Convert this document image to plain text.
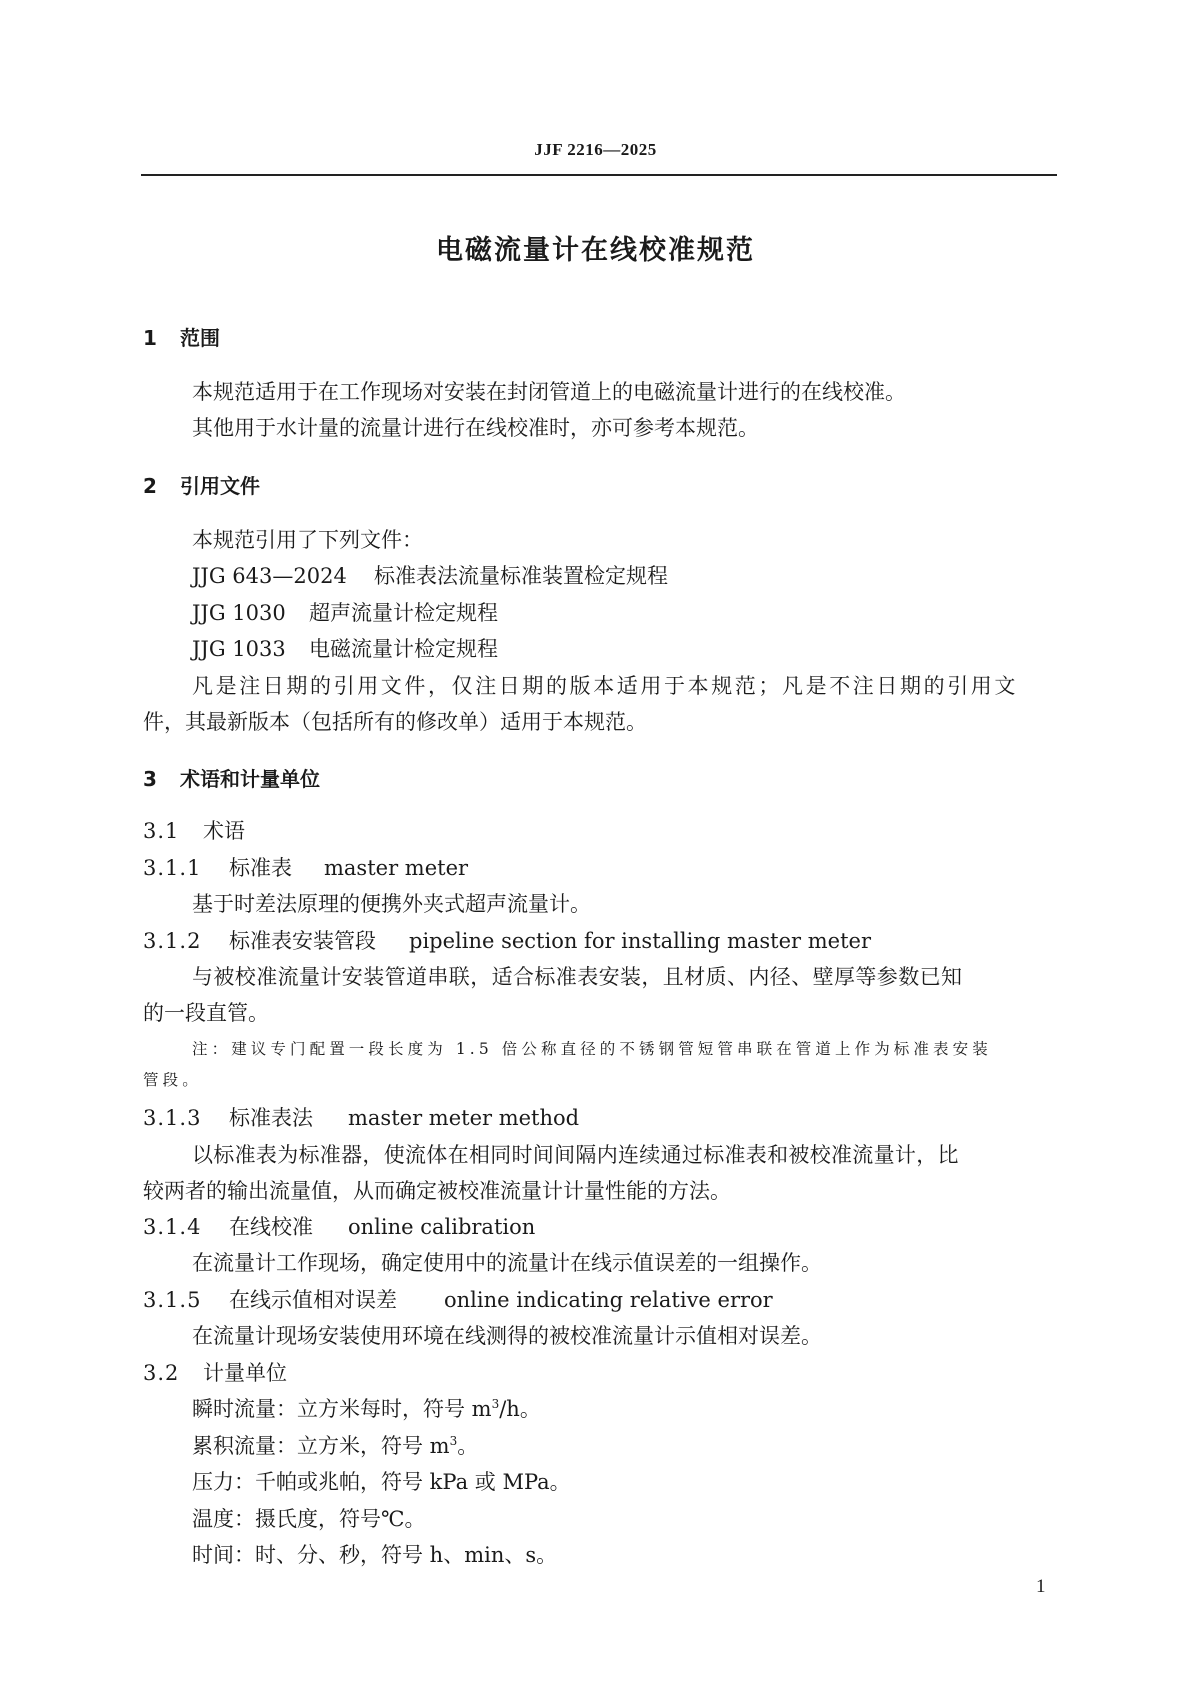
JJF 2216—2025
电磁流量计在线校准规范
1 范围
本规范适用于在工作现场对安装在封闭管道上的电磁流量计进行的在线校准。
其他用于水计量的流量计进行在线校准时，亦可参考本规范。
2 引用文件
本规范引用了下列文件：
JJG 643—2024 标准表法流量标准装置检定规程
JJG 1030 超声流量计检定规程
JJG 1033 电磁流量计检定规程
凡是注日期的引用文件，仅注日期的版本适用于本规范；凡是不注日期的引用文
件，其最新版本（包括所有的修改单）适用于本规范。
3 术语和计量单位
3.1 术语
3.1.1 标准表 master meter
基于时差法原理的便携外夹式超声流量计。
3.1.2 标准表安装管段 pipeline section for installing master meter
与被校准流量计安装管道串联，适合标准表安装，且材质、内径、壁厚等参数已知
的一段直管。
注：建议专门配置一段长度为 1.5 倍公称直径的不锈钢管短管串联在管道上作为标准表安装
管段。
3.1.3 标准表法 master meter method
以标准表为标准器，使流体在相同时间间隔内连续通过标准表和被校准流量计，比
较两者的输出流量值，从而确定被校准流量计计量性能的方法。
3.1.4 在线校准 online calibration
在流量计工作现场，确定使用中的流量计在线示值误差的一组操作。
3.1.5 在线示值相对误差 online indicating relative error
在流量计现场安装使用环境在线测得的被校准流量计示值相对误差。
3.2 计量单位
瞬时流量：立方米每时，符号 $m^3/h$。
累积流量：立方米，符号 $m^3$。
压力：千帕或兆帕，符号 kPa 或 MPa。
温度：摄氏度，符号℃。
时间：时、分、秒，符号 h、min、s。
1
